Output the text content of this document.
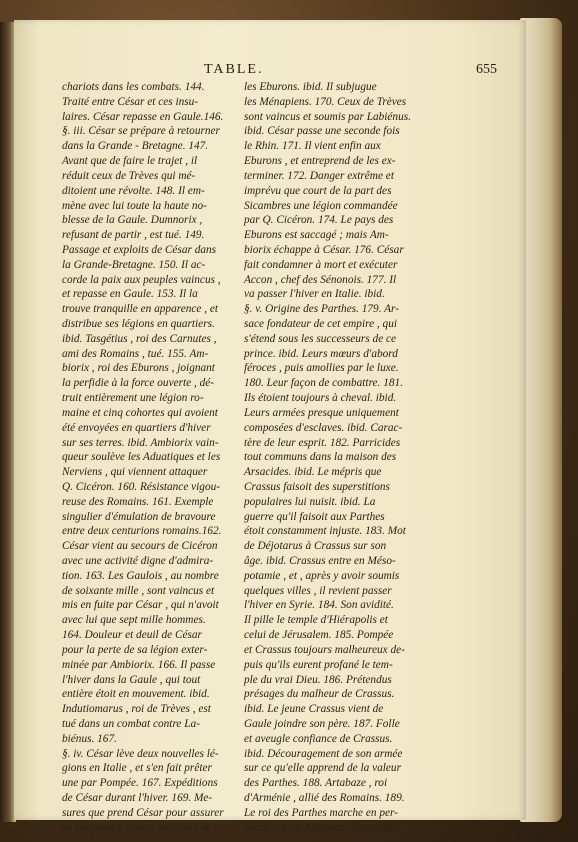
TABLE.	655
chariots dans les combats. 144.
Traité entre César et ces insu-
laires. César repasse en Gaule.146.
§. iii. César se prépare à retourner
dans la Grande - Bretagne. 147.
Avant que de faire le trajet , il
réduit ceux de Trèves qui mé-
ditoient une révolte. 148. Il em-
mène avec lui toute la haute no-
blesse de la Gaule. Dumnorix ,
refusant de partir , est tué. 149.
Passage et exploits de César dans
la Grande-Bretagne. 150. Il ac-
corde la paix aux peuples vaincus ,
et repasse en Gaule. 153. Il la
trouve tranquille en apparence , et
distribue ses légions en quartiers.
ibid. Tasgétius , roi des Carnutes ,
ami des Romains , tué. 155. Am-
biorix , roi des Eburons , joignant
la perfidie à la force ouverte , dé-
truit entièrement une légion ro-
maine et cinq cohortes qui avoient
été envoyées en quartiers d'hiver
sur ses terres. ibid. Ambiorix vain-
queur soulève les Aduatiques et les
Nerviens , qui viennent attaquer
Q. Cicéron. 160. Résistance vigou-
reuse des Romains. 161. Exemple
singulier d'émulation de bravoure
entre deux centurions romains.162.
César vient au secours de Cicéron
avec une activité digne d'admira-
tion. 163. Les Gaulois , au nombre
de soixante mille , sont vaincus et
mis en fuite par César , qui n'avoit
avec lui que sept mille hommes.
164. Douleur et deuil de César
pour la perte de sa légion exter-
minée par Ambiorix. 166. Il passe
l'hiver dans la Gaule , qui tout
entière étoit en mouvement. ibid.
Indutiomarus , roi de Trèves , est
tué dans un combat contre La-
biénus. 167.
§. iv. César lève deux nouvelles lé-
gions en Italie , et s'en fait prêter
une par Pompée. 167. Expéditions
de César durant l'hiver. 169. Me-
sures que prend César pour assurer
sa vengeance contre Ambiorix et
les Eburons. ibid. Il subjugue
les Ménapiens. 170. Ceux de Trèves
sont vaincus et soumis par Labiénus.
ibid. César passe une seconde fois
le Rhin. 171. Il vient enfin aux
Eburons , et entreprend de les ex-
terminer. 172. Danger extrême et
imprévu que court de la part des
Sicambres une légion commandée
par Q. Cicéron. 174. Le pays des
Eburons est saccagé ; mais Am-
biorix échappe à César. 176. César
fait condamner à mort et exécuter
Accon , chef des Sénonois. 177. Il
va passer l'hiver en Italie. ibid.
§. v. Origine des Parthes. 179. Ar-
sace fondateur de cet empire , qui
s'étend sous les successeurs de ce
prince. ibid. Leurs mœurs d'abord
féroces , puis amollies par le luxe.
180. Leur façon de combattre. 181.
Ils étoient toujours à cheval. ibid.
Leurs armées presque uniquement
composées d'esclaves. ibid. Carac-
tère de leur esprit. 182. Parricides
tout communs dans la maison des
Arsacides. ibid. Le mépris que
Crassus faisoit des superstitions
populaires lui nuisit. ibid. La
guerre qu'il faisoit aux Parthes
étoit constamment injuste. 183. Mot
de Déjotarus à Crassus sur son
âge. ibid. Crassus entre en Méso-
potamie , et , après y avoir soumis
quelques villes , il revient passer
l'hiver en Syrie. 184. Son avidité.
Il pille le temple d'Hiérapolis et
celui de Jérusalem. 185. Pompée
et Crassus toujours malheureux de-
puis qu'ils eurent profané le tem-
ple du vrai Dieu. 186. Prétendus
présages du malheur de Crassus.
ibid. Le jeune Crassus vient de
Gaule joindre son père. 187. Folle
et aveugle confiance de Crassus.
ibid. Découragement de son armée
sur ce qu'elle apprend de la valeur
des Parthes. 188. Artabaze , roi
d'Arménie , allié des Romains. 189.
Le roi des Parthes marche en per-
sonne contre Artabaze , et envoie
